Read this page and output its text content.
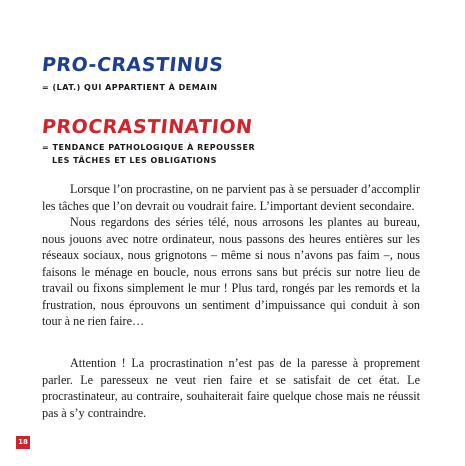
PRO-CRASTINUS
= (LAT.) QUI APPARTIENT À DEMAIN
PROCRASTINATION
= TENDANCE PATHOLOGIQUE À REPOUSSER
LES TÂCHES ET LES OBLIGATIONS

Lorsque l’on procrastine, on ne parvient pas à se persuader d’accomplir les tâches que l’on devrait ou voudrait faire. L’important devient secondaire.

Nous regardons des séries télé, nous arrosons les plantes au bureau, nous jouons avec notre ordinateur, nous passons des heures entières sur les réseaux sociaux, nous grignotons – même si nous n’avons pas faim –, nous faisons le ménage en boucle, nous errons sans but précis sur notre lieu de travail ou fixons simplement le mur ! Plus tard, rongés par les remords et la frustration, nous éprouvons un sentiment d’impuissance qui conduit à son tour à ne rien faire…

Attention ! La procrastination n’est pas de la paresse à proprement parler. Le paresseux ne veut rien faire et se satisfait de cet état. Le procrastinateur, au contraire, souhaiterait faire quelque chose mais ne réussit pas à s’y contraindre.

18
